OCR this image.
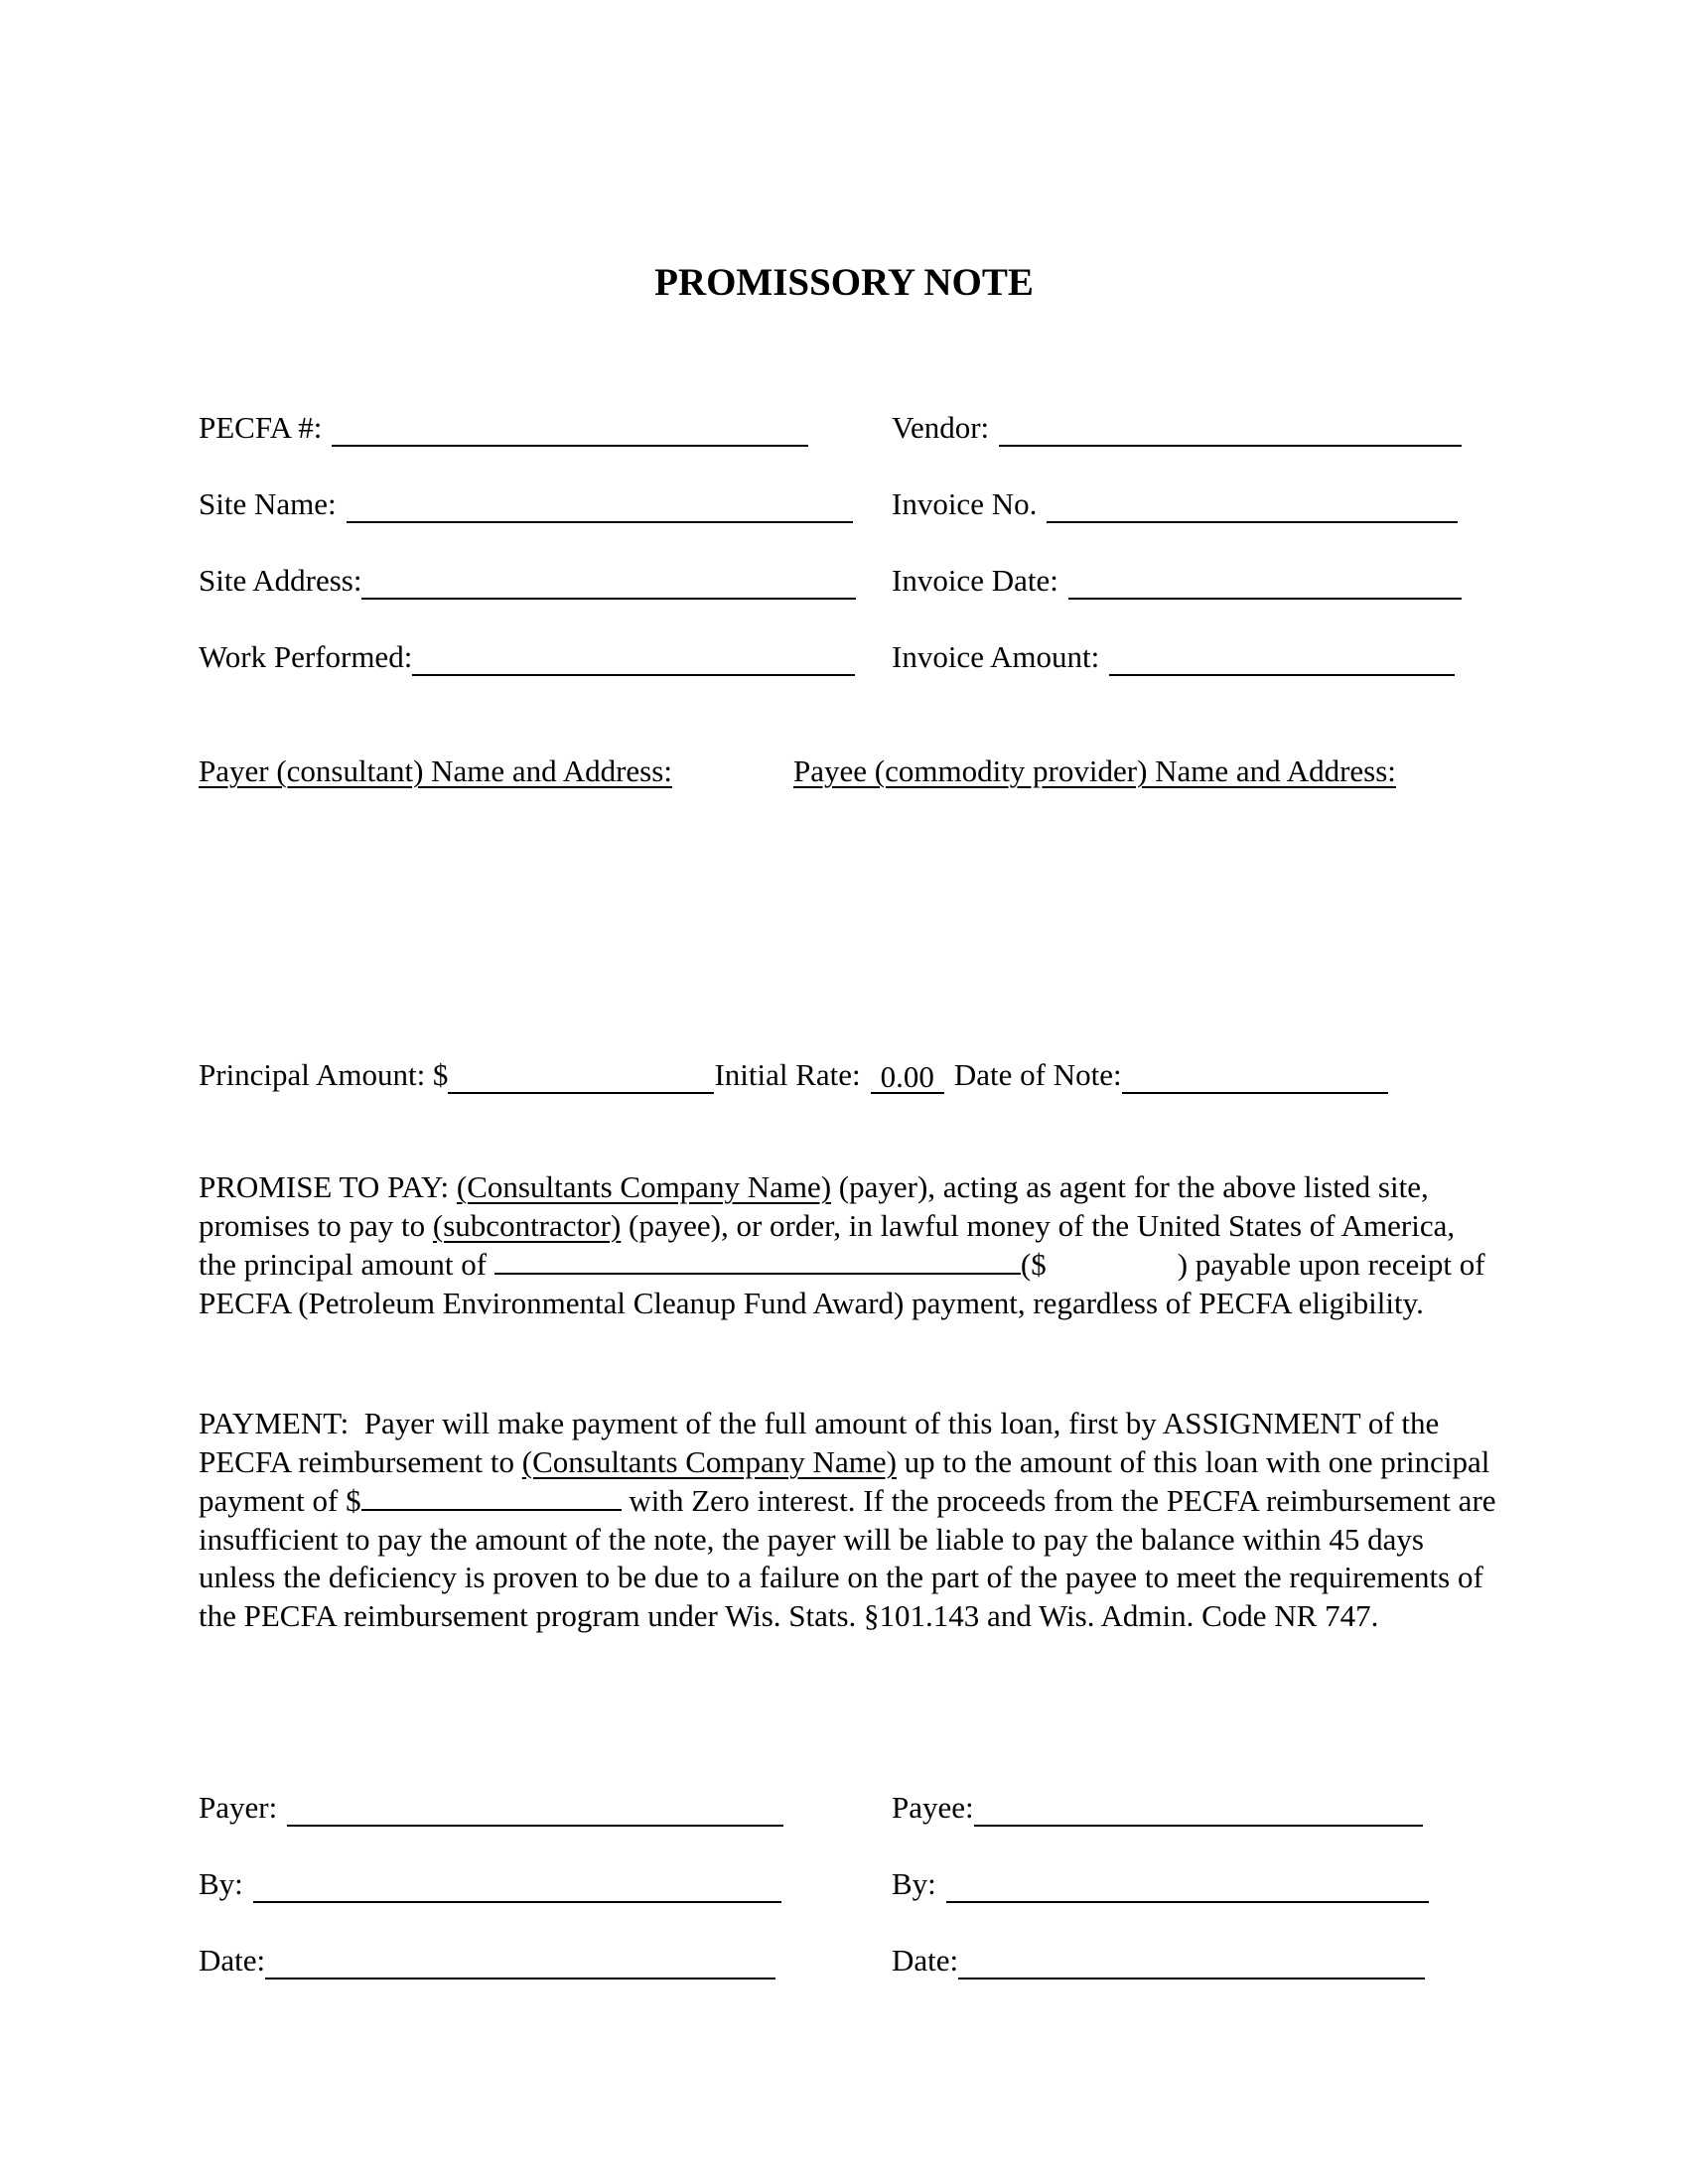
PROMISSORY NOTE
PECFA #:	Vendor:
Site Name:	Invoice No.
Site Address:	Invoice Date:
Work Performed:	Invoice Amount:
Payer (consultant) Name and Address:	Payee (commodity provider) Name and Address:
Principal Amount: $	Initial Rate: 0.00 Date of Note:
PROMISE TO PAY: (Consultants Company Name) (payer), acting as agent for the above listed site, promises to pay to (subcontractor) (payee), or order, in lawful money of the United States of America, the principal amount of	($	) payable upon receipt of PECFA (Petroleum Environmental Cleanup Fund Award) payment, regardless of PECFA eligibility.
PAYMENT: Payer will make payment of the full amount of this loan, first by ASSIGNMENT of the PECFA reimbursement to (Consultants Company Name) up to the amount of this loan with one principal payment of $	with Zero interest. If the proceeds from the PECFA reimbursement are insufficient to pay the amount of the note, the payer will be liable to pay the balance within 45 days unless the deficiency is proven to be due to a failure on the part of the payee to meet the requirements of the PECFA reimbursement program under Wis. Stats. §101.143 and Wis. Admin. Code NR 747.
Payer:	Payee:
By:	By:
Date:	Date:
